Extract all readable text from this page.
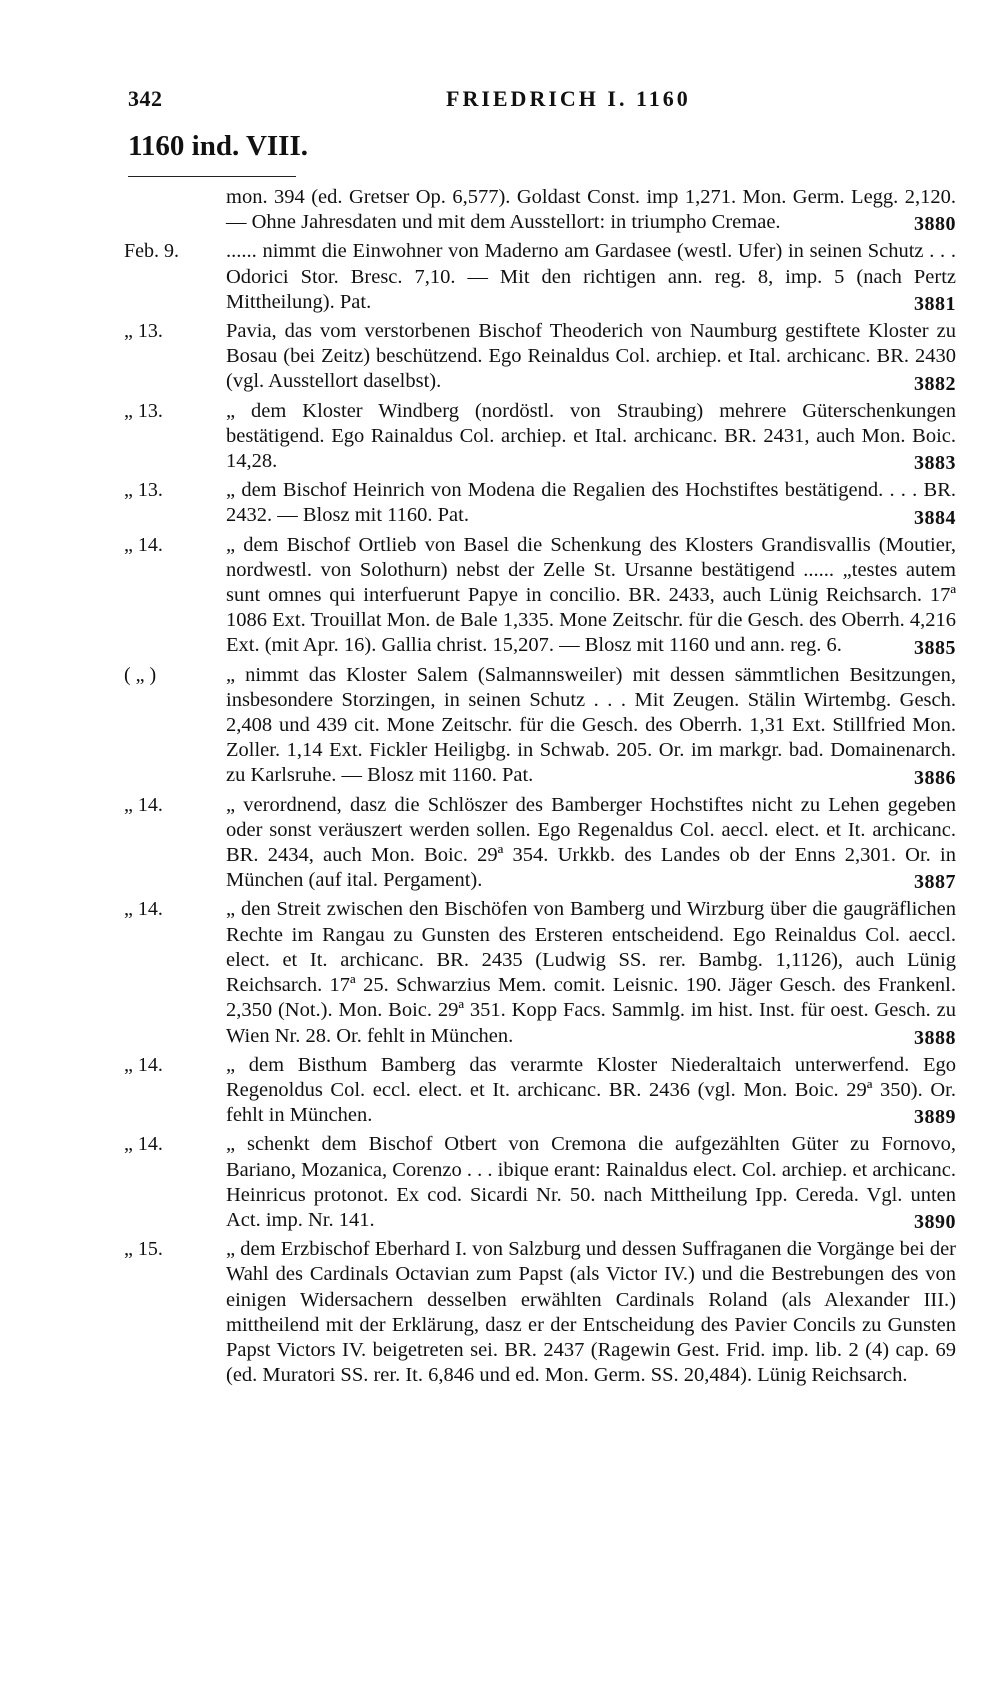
342	FRIEDRICH I. 1160
1160 ind. VIII.
mon. 394 (ed. Gretser Op. 6,577). Goldast Const. imp 1,271. Mon. Germ. Legg. 2,120. — Ohne Jahresdaten und mit dem Ausstellort: in triumpho Cremae.	3880
Feb. 9.	...... nimmt die Einwohner von Maderno am Gardasee (westl. Ufer) in seinen Schutz . . . Odorici Stor. Bresc. 7,10. — Mit den richtigen ann. reg. 8, imp. 5 (nach Pertz Mittheilung). Pat.	3881
„ 13.	Pavia, das vom verstorbenen Bischof Theoderich von Naumburg gestiftete Kloster zu Bosau (bei Zeitz) beschützend. Ego Reinaldus Col. archiep. et Ital. archicanc. BR. 2430 (vgl. Ausstellort daselbst).	3882
„ 13.	„ dem Kloster Windberg (nordöstl. von Straubing) mehrere Güterschenkungen bestätigend. Ego Rainaldus Col. archiep. et Ital. archicanc. BR. 2431, auch Mon. Boic. 14,28.	3883
„ 13.	„ dem Bischof Heinrich von Modena die Regalien des Hochstiftes bestätigend. . . . BR. 2432. — Blosz mit 1160. Pat.	3884
„ 14.	„ dem Bischof Ortlieb von Basel die Schenkung des Klosters Grandisvallis (Moutier, nordwestl. von Solothurn) nebst der Zelle St. Ursanne bestätigend ...... „testes autem sunt omnes qui interfuerunt Papye in concilio. BR. 2433, auch Lünig Reichsarch. 17ª 1086 Ext. Trouillat Mon. de Bale 1,335. Mone Zeitschr. für die Gesch. des Oberrh. 4,216 Ext. (mit Apr. 16). Gallia christ. 15,207. — Blosz mit 1160 und ann. reg. 6.	3885
( „ )	„ nimmt das Kloster Salem (Salmannsweiler) mit dessen sämmtlichen Besitzungen, insbesondere Storzingen, in seinen Schutz . . . Mit Zeugen. Stälin Wirtembg. Gesch. 2,408 und 439 cit. Mone Zeitschr. für die Gesch. des Oberrh. 1,31 Ext. Stillfried Mon. Zoller. 1,14 Ext. Fickler Heiligbg. in Schwab. 205. Or. im markgr. bad. Domainenarch. zu Karlsruhe. — Blosz mit 1160. Pat.	3886
„ 14.	„ verordnend, dasz die Schlöszer des Bamberger Hochstiftes nicht zu Lehen gegeben oder sonst veräuszert werden sollen. Ego Regenaldus Col. aeccl. elect. et It. archicanc. BR. 2434, auch Mon. Boic. 29ª 354. Urkkb. des Landes ob der Enns 2,301. Or. in München (auf ital. Pergament).	3887
„ 14.	„ den Streit zwischen den Bischöfen von Bamberg und Wirzburg über die gaugräflichen Rechte im Rangau zu Gunsten des Ersteren entscheidend. Ego Reinaldus Col. aeccl. elect. et It. archicanc. BR. 2435 (Ludwig SS. rer. Bambg. 1,1126), auch Lünig Reichsarch. 17ª 25. Schwarzius Mem. comit. Leisnic. 190. Jäger Gesch. des Frankenl. 2,350 (Not.). Mon. Boic. 29ª 351. Kopp Facs. Sammlg. im hist. Inst. für oest. Gesch. zu Wien Nr. 28. Or. fehlt in München.	3888
„ 14.	„ dem Bisthum Bamberg das verarmte Kloster Niederaltaich unterwerfend. Ego Regenoldus Col. eccl. elect. et It. archicanc. BR. 2436 (vgl. Mon. Boic. 29ª 350). Or. fehlt in München.	3889
„ 14.	„ schenkt dem Bischof Otbert von Cremona die aufgezählten Güter zu Fornovo, Bariano, Mozanica, Corenzo . . . ibique erant: Rainaldus elect. Col. archiep. et archicanc. Heinricus protonot. Ex cod. Sicardi Nr. 50. nach Mittheilung Ipp. Cereda. Vgl. unten Act. imp. Nr. 141.	3890
„ 15.	„ dem Erzbischof Eberhard I. von Salzburg und dessen Suffraganen die Vorgänge bei der Wahl des Cardinals Octavian zum Papst (als Victor IV.) und die Bestrebungen des von einigen Widersachern desselben erwählten Cardinals Roland (als Alexander III.) mittheilend mit der Erklärung, dasz er der Entscheidung des Pavier Concils zu Gunsten Papst Victors IV. beigetreten sei. BR. 2437 (Ragewin Gest. Frid. imp. lib. 2 (4) cap. 69 (ed. Muratori SS. rer. It. 6,846 und ed. Mon. Germ. SS. 20,484). Lünig Reichsarch.
